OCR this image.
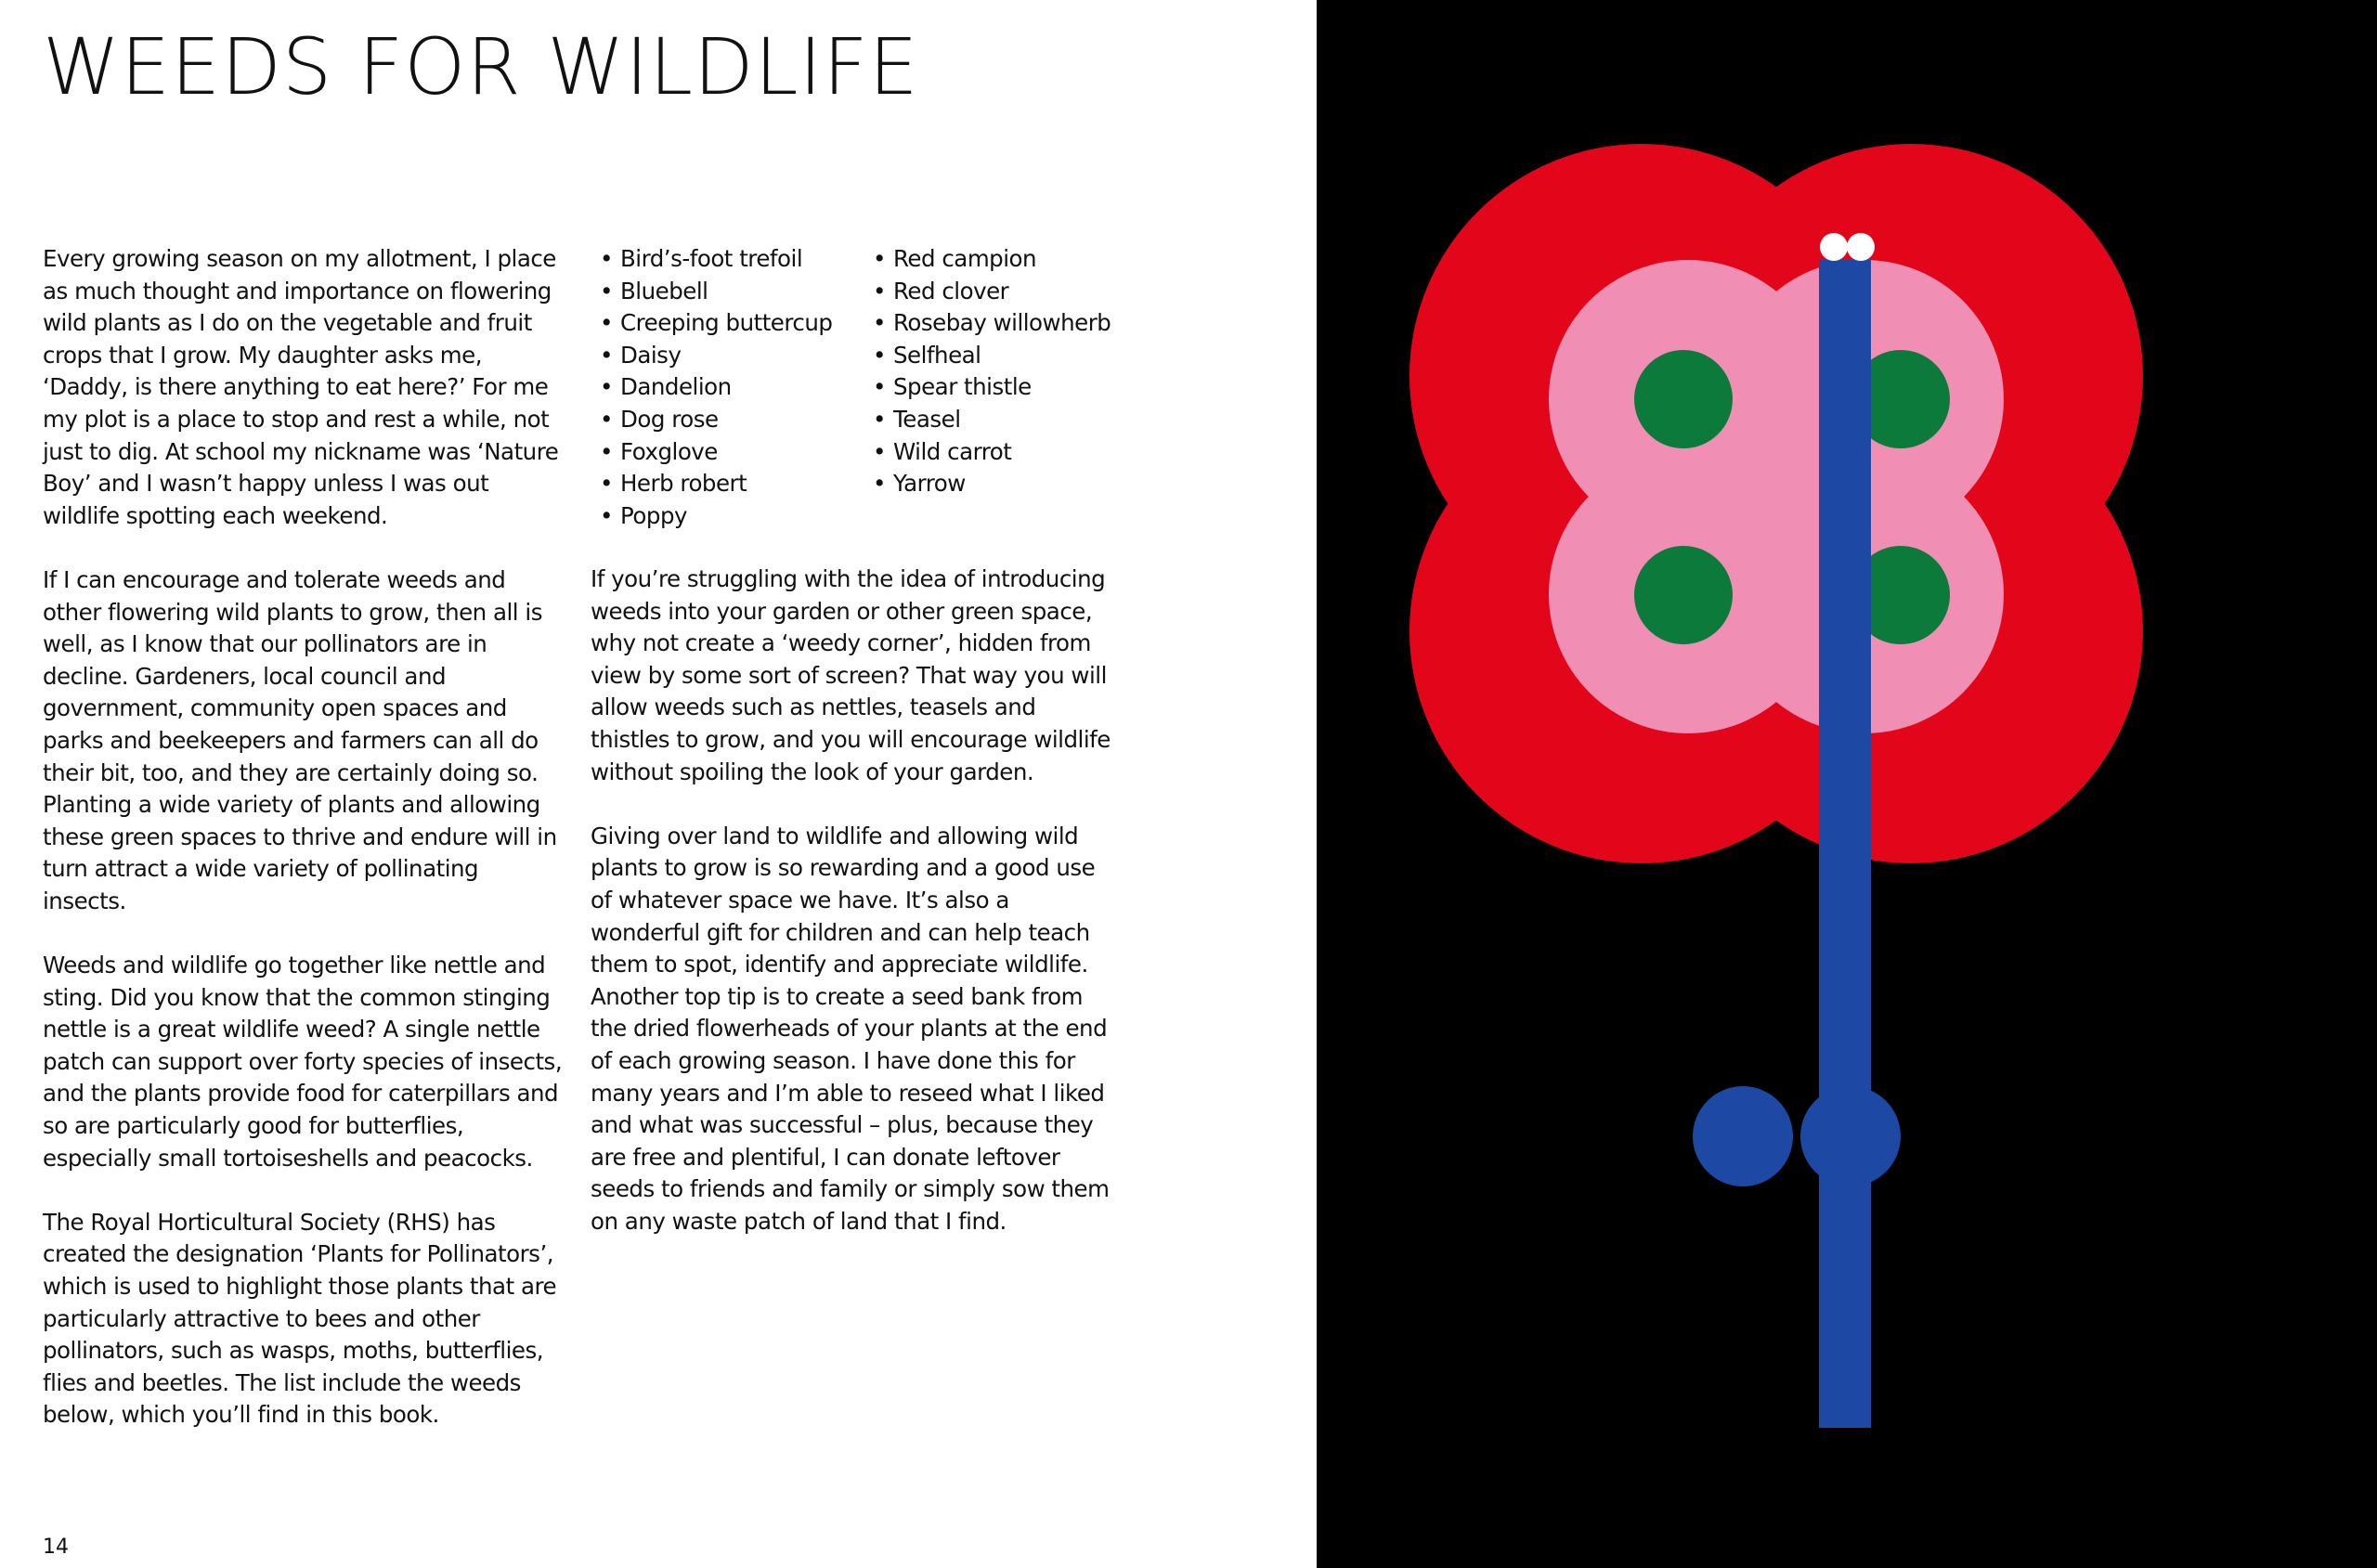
WEEDS FOR WILDLIFE

Every growing season on my allotment, I place as much thought and importance on flowering wild plants as I do on the vegetable and fruit crops that I grow. My daughter asks me, ‘Daddy, is there anything to eat here?’ For me my plot is a place to stop and rest a while, not just to dig. At school my nickname was ‘Nature Boy’ and I wasn’t happy unless I was out wildlife spotting each weekend.

If I can encourage and tolerate weeds and other flowering wild plants to grow, then all is well, as I know that our pollinators are in decline. Gardeners, local council and government, community open spaces and parks and beekeepers and farmers can all do their bit, too, and they are certainly doing so. Planting a wide variety of plants and allowing these green spaces to thrive and endure will in turn attract a wide variety of pollinating insects.

Weeds and wildlife go together like nettle and sting. Did you know that the common stinging nettle is a great wildlife weed? A single nettle patch can support over forty species of insects, and the plants provide food for caterpillars and so are particularly good for butterflies, especially small tortoiseshells and peacocks.

The Royal Horticultural Society (RHS) has created the designation ‘Plants for Pollinators’, which is used to highlight those plants that are particularly attractive to bees and other pollinators, such as wasps, moths, butterflies, flies and beetles. The list include the weeds below, which you’ll find in this book.

• Bird’s-foot trefoil
• Bluebell
• Creeping buttercup
• Daisy
• Dandelion
• Dog rose
• Foxglove
• Herb robert
• Poppy
• Red campion
• Red clover
• Rosebay willowherb
• Selfheal
• Spear thistle
• Teasel
• Wild carrot
• Yarrow

If you’re struggling with the idea of introducing weeds into your garden or other green space, why not create a ‘weedy corner’, hidden from view by some sort of screen? That way you will allow weeds such as nettles, teasels and thistles to grow, and you will encourage wildlife without spoiling the look of your garden.

Giving over land to wildlife and allowing wild plants to grow is so rewarding and a good use of whatever space we have. It’s also a wonderful gift for children and can help teach them to spot, identify and appreciate wildlife. Another top tip is to create a seed bank from the dried flowerheads of your plants at the end of each growing season. I have done this for many years and I’m able to reseed what I liked and what was successful – plus, because they are free and plentiful, I can donate leftover seeds to friends and family or simply sow them on any waste patch of land that I find.

14
